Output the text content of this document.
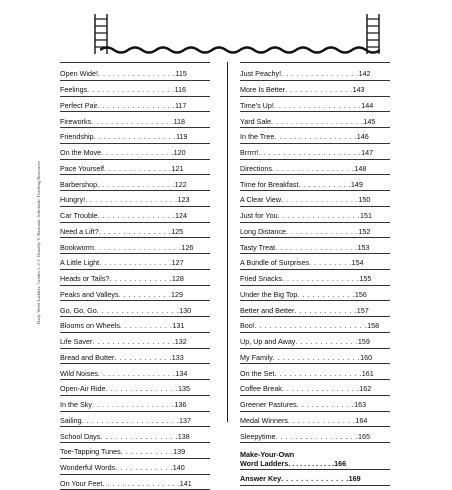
Daily Word Ladders: Grades 1–2 © Timothy V. Rasinski, Scholastic Teaching Resources
Open Wide! . . . . . . . . . . . . . . . . 115
Feelings . . . . . . . . . . . . . . . . . . 116
Perfect Pair . . . . . . . . . . . . . . . . 117
Fireworks . . . . . . . . . . . . . . . . . 118
Friendship . . . . . . . . . . . . . . . . . 119
On the Move . . . . . . . . . . . . . . . 120
Pace Yourself . . . . . . . . . . . . . . 121
Barbershop . . . . . . . . . . . . . . . . 122
Hungry! . . . . . . . . . . . . . . . . . . . 123
Car Trouble . . . . . . . . . . . . . . . . 124
Need a Lift? . . . . . . . . . . . . . . . 125
Bookworm . . . . . . . . . . . . . . . . . . 126
A Little Light . . . . . . . . . . . . . . . 127
Heads or Tails? . . . . . . . . . . . . . 128
Peaks and Valleys . . . . . . . . . . . 129
Go, Go, Go . . . . . . . . . . . . . . . . . 130
Blooms on Wheels . . . . . . . . . . . 131
Life Saver . . . . . . . . . . . . . . . . . 132
Bread and Butter . . . . . . . . . . . . 133
Wild Noises . . . . . . . . . . . . . . . . 134
Open-Air Ride . . . . . . . . . . . . . . . 135
In the Sky . . . . . . . . . . . . . . . . . 136
Sailing . . . . . . . . . . . . . . . . . . . . 137
School Days . . . . . . . . . . . . . . . . 138
Toe-Tapping Tunes . . . . . . . . . . . 139
Wonderful Words . . . . . . . . . . . . 140
On Your Feet . . . . . . . . . . . . . . . . 141
Just Peachy! . . . . . . . . . . . . . . . . 142
More Is Better . . . . . . . . . . . . . . 143
Time's Up! . . . . . . . . . . . . . . . . . . 144
Yard Sale . . . . . . . . . . . . . . . . . . . 145
In the Tree . . . . . . . . . . . . . . . . . 146
Brrrrr! . . . . . . . . . . . . . . . . . . . . . 147
Directions . . . . . . . . . . . . . . . . . 148
Time for Breakfast . . . . . . . . . . . 149
A Clear View . . . . . . . . . . . . . . . . 150
Just for You . . . . . . . . . . . . . . . . . 151
Long Distance . . . . . . . . . . . . . . . 152
Tasty Treat . . . . . . . . . . . . . . . . . 153
A Bundle of Surprises . . . . . . . . . 154
Fried Snacks . . . . . . . . . . . . . . . . 155
Under the Big Top . . . . . . . . . . . . 156
Better and Better . . . . . . . . . . . . . 157
Boo! . . . . . . . . . . . . . . . . . . . . . . . 158
Up, Up and Away . . . . . . . . . . . . . 159
My Family . . . . . . . . . . . . . . . . . . 160
On the Set . . . . . . . . . . . . . . . . . . 161
Coffee Break . . . . . . . . . . . . . . . . 162
Greener Pastures . . . . . . . . . . . . 163
Medal Winners . . . . . . . . . . . . . . 164
Sleepytime . . . . . . . . . . . . . . . . . 165
Make-Your-Own
Word Ladders . . . . . . . . . . . . 166
Answer Key . . . . . . . . . . . . . . 169
